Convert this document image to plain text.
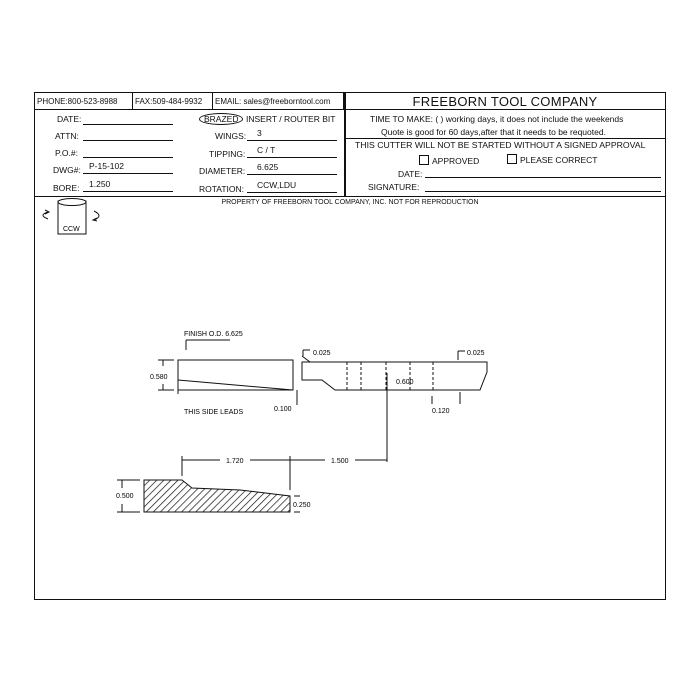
PHONE:800-523-8988	FAX:509-484-9932	EMAIL: sales@freeborntool.com	FREEBORN TOOL COMPANY
DATE:
ATTN:
P.O.#:
DWG#: P-15-102
BORE: 1.250
BRAZED INSERT / ROUTER BIT
WINGS: 3
TIPPING: C / T
DIAMETER: 6.625
ROTATION: CCW,LDU
TIME TO MAKE: ( ) working days, it does not include the weekends
Quote is good for 60 days,after that it needs to be requoted.
THIS CUTTER WILL NOT BE STARTED WITHOUT A SIGNED APPROVAL
APPROVED	PLEASE CORRECT
DATE:
SIGNATURE:
PROPERTY OF FREEBORN TOOL COMPANY, INC. NOT FOR REPRODUCTION
CCW
FINISH O.D. 6.625
0.580
THIS SIDE LEADS	0.100
0.025
0.600
0.025
0.120
1.720	1.500
0.500
0.250
